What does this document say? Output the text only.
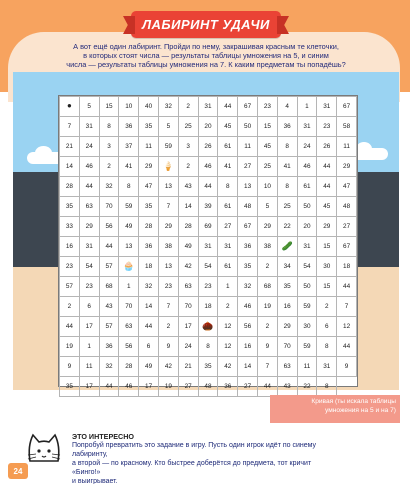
ЛАБИРИНТ УДАЧИ
А вот ещё один лабиринт. Пройди по нему, закрашивая красным те клеточки,
в которых стоят числа — результаты таблицы умножения на 5, и синим
числа — результаты таблицы умножения на 7. К каким предметам ты попадёшь?
●	5	15	10	40	32	2	31	44	67	23	4	1	31	67
7	31	8	36	35	5	25	20	45	50	15	36	31	23	58
21	24	3	37	11	59	3	26	61	11	45	8	24	26	11
14	46	2	41	29	🍦	2	46	41	27	25	41	46	44	29
28	44	32	8	47	13	43	44	8	13	10	8	61	44	47
35	63	70	59	35	7	14	39	61	48	5	25	50	45	48
33	29	56	49	28	29	28	69	27	67	29	22	20	29	27
16	31	44	13	36	38	49	31	31	36	38	🥒	31	15	67
23	54	57	🧁	18	13	42	54	61	35	2	34	54	30	18
57	23	68	1	32	23	63	23	1	32	68	35	50	15	44
2	6	43	70	14	7	70	18	2	46	19	16	59	2	7
44	17	57	63	44	2	17	🌰	12	56	2	29	30	6	12
19	1	36	56	6	9	24	8	12	16	9	70	59	8	44
9	11	32	28	49	42	21	35	42	14	7	63	11	31	9
35	17	44	46	17	19	27	48	36	27	44	43	22	8	
Кривая (ты искала таблицы
умножения на 5 и на 7)
ЭТО ИНТЕРЕСНО
Попробуй превратить это задание в игру. Пусть один игрок идёт по синему лабиринту,
а второй — по красному. Кто быстрее доберётся до предмета, тот кричит «Бинго!»
и выигрывает.
24
